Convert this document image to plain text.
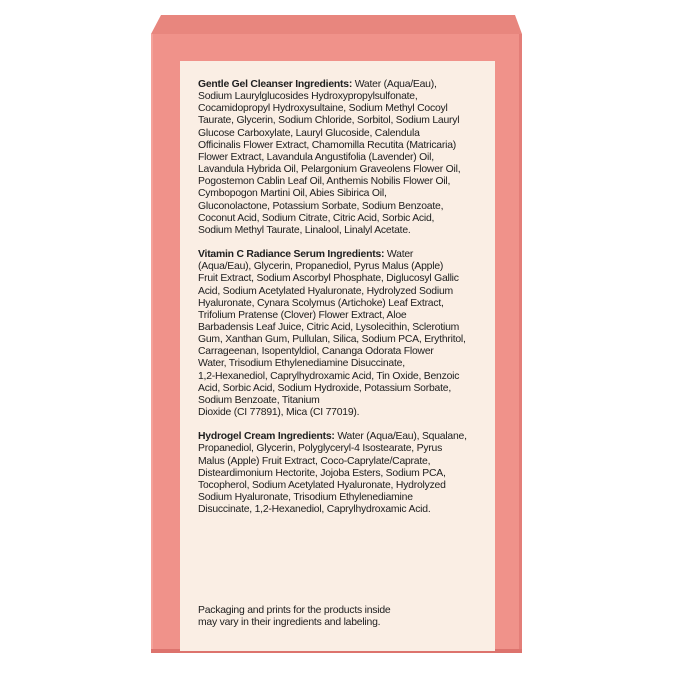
Gentle Gel Cleanser Ingredients: Water (Aqua/Eau),
Sodium Laurylglucosides Hydroxypropylsulfonate,
Cocamidopropyl Hydroxysultaine, Sodium Methyl Cocoyl
Taurate, Glycerin, Sodium Chloride, Sorbitol, Sodium Lauryl
Glucose Carboxylate, Lauryl Glucoside, Calendula
Officinalis Flower Extract, Chamomilla Recutita (Matricaria)
Flower Extract, Lavandula Angustifolia (Lavender) Oil,
Lavandula Hybrida Oil, Pelargonium Graveolens Flower Oil,
Pogostemon Cablin Leaf Oil, Anthemis Nobilis Flower Oil,
Cymbopogon Martini Oil, Abies Sibirica Oil,
Gluconolactone, Potassium Sorbate, Sodium Benzoate,
Coconut Acid, Sodium Citrate, Citric Acid, Sorbic Acid,
Sodium Methyl Taurate, Linalool, Linalyl Acetate.

Vitamin C Radiance Serum Ingredients: Water
(Aqua/Eau), Glycerin, Propanediol, Pyrus Malus (Apple)
Fruit Extract, Sodium Ascorbyl Phosphate, Diglucosyl Gallic
Acid, Sodium Acetylated Hyaluronate, Hydrolyzed Sodium
Hyaluronate, Cynara Scolymus (Artichoke) Leaf Extract,
Trifolium Pratense (Clover) Flower Extract, Aloe
Barbadensis Leaf Juice, Citric Acid, Lysolecithin, Sclerotium
Gum, Xanthan Gum, Pullulan, Silica, Sodium PCA, Erythritol,
Carrageenan, Isopentyldiol, Cananga Odorata Flower
Water, Trisodium Ethylenediamine Disuccinate,
1,2-Hexanediol, Caprylhydroxamic Acid, Tin Oxide, Benzoic
Acid, Sorbic Acid, Sodium Hydroxide, Potassium Sorbate,
Sodium Benzoate, Titanium
Dioxide (CI 77891), Mica (CI 77019).

Hydrogel Cream Ingredients: Water (Aqua/Eau), Squalane,
Propanediol, Glycerin, Polyglyceryl-4 Isostearate, Pyrus
Malus (Apple) Fruit Extract, Coco-Caprylate/Caprate,
Disteardimonium Hectorite, Jojoba Esters, Sodium PCA,
Tocopherol, Sodium Acetylated Hyaluronate, Hydrolyzed
Sodium Hyaluronate, Trisodium Ethylenediamine
Disuccinate, 1,2-Hexanediol, Caprylhydroxamic Acid.

Packaging and prints for the products inside
may vary in their ingredients and labeling.
